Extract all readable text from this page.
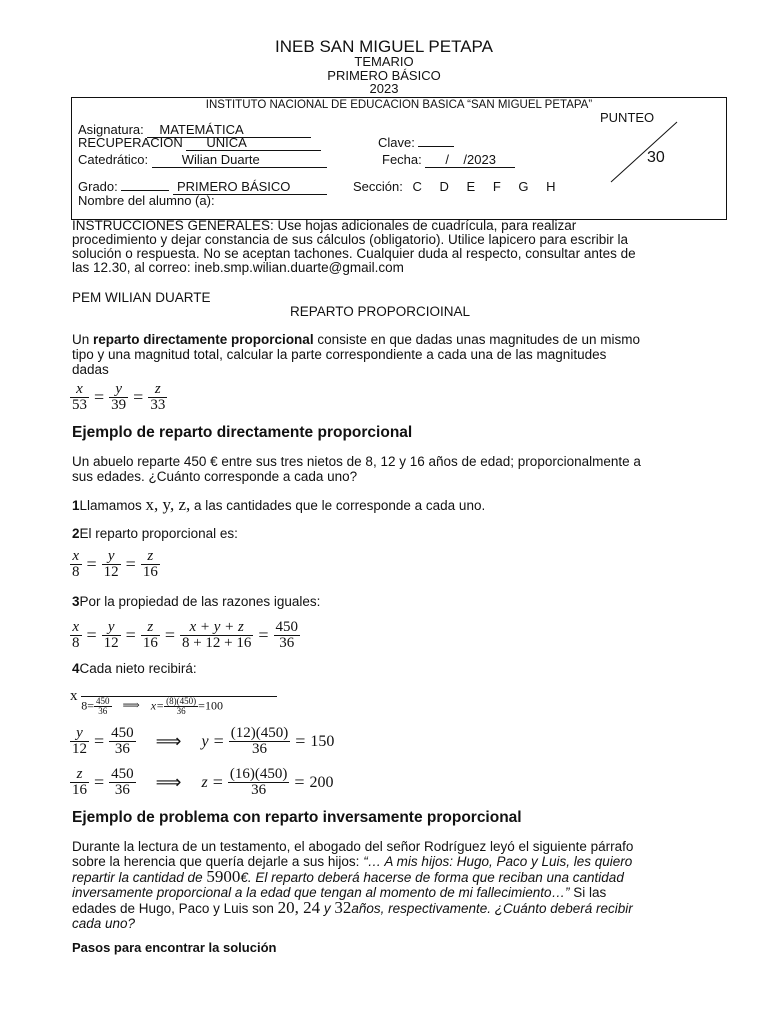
INEB SAN MIGUEL PETAPA
TEMARIO
PRIMERO BÁSICO
2023
INSTITUTO NACIONAL DE EDUCACION BASICA “SAN MIGUEL PETAPA”
PUNTEO
30
Asignatura: MATEMÁTICA
RECUPERACION UNICA	Clave:
Catedrático:	Wilian Duarte	Fecha: /    /2023
Grado:	PRIMERO BÁSICO	Sección: C D E F G H
Nombre del alumno (a):
INSTRUCCIONES GENERALES: Use hojas adicionales de cuadrícula, para realizar
procedimiento y dejar constancia de sus cálculos (obligatorio). Utilice lapicero para escribir la
solución o respuesta. No se aceptan tachones. Cualquier duda al respecto, consultar antes de
las 12.30, al correo: ineb.smp.wilian.duarte@gmail.com
PEM WILIAN DUARTE
REPARTO PROPORCIOINAL
Un reparto directamente proporcional consiste en que dadas unas magnitudes de un mismo
tipo y una magnitud total, calcular la parte correspondiente a cada una de las magnitudes
dadas
$\frac{x}{53} = \frac{y}{39} = \frac{z}{33}$
Ejemplo de reparto directamente proporcional
Un abuelo reparte 450 € entre sus tres nietos de 8, 12 y 16 años de edad; proporcionalmente a
sus edades. ¿Cuánto corresponde a cada uno?
1Llamamos x, y, z, a las cantidades que le corresponde a cada uno.
2El reparto proporcional es:
$\frac{x}{8} = \frac{y}{12} = \frac{z}{16}$
3Por la propiedad de las razones iguales:
$\frac{x}{8} = \frac{y}{12} = \frac{z}{16} = \frac{x + y + z}{8 + 12 + 16} = \frac{450}{36}$
4Cada nieto recibirá:
x $8= \frac{450}{36}$ ⟹ $x= \frac{(8)(450)}{36} =100$
$\frac{y}{12} = \frac{450}{36}$ ⟹ $y = \frac{(12)(450)}{36} = 150$
$\frac{z}{16} = \frac{450}{36}$ ⟹ $z = \frac{(16)(450)}{36} = 200$
Ejemplo de problema con reparto inversamente proporcional
Durante la lectura de un testamento, el abogado del señor Rodríguez leyó el siguiente párrafo
sobre la herencia que quería dejarle a sus hijos: “… A mis hijos: Hugo, Paco y Luis, les quiero
repartir la cantidad de 5900€. El reparto deberá hacerse de forma que reciban una cantidad
inversamente proporcional a la edad que tengan al momento de mi fallecimiento…” Si las
edades de Hugo, Paco y Luis son 20, 24 y 32años, respectivamente. ¿Cuánto deberá recibir
cada uno?
Pasos para encontrar la solución
